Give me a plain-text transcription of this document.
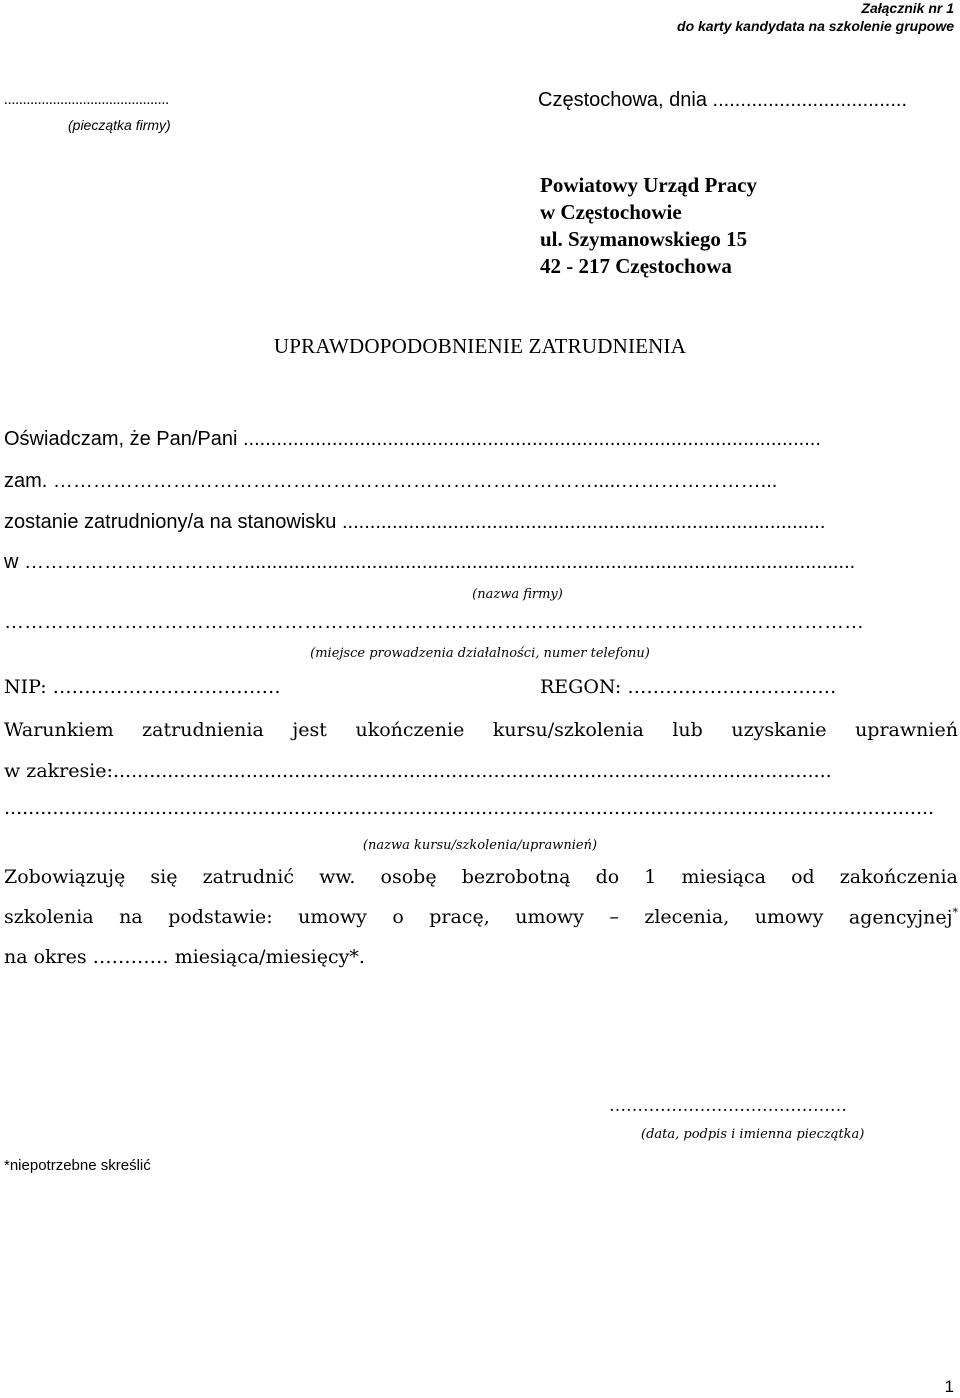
Załącznik nr 1
do karty kandydata na szkolenie grupowe
............................................
(pieczątka firmy)
Częstochowa, dnia ...................................
Powiatowy Urząd Pracy
w Częstochowie
ul. Szymanowskiego 15
42 - 217 Częstochowa
UPRAWDOPODOBNIENIE ZATRUDNIENIA
Oświadczam, że Pan/Pani ........................................................................................................
zam. ……………………………………………………………………….....…………………...
zostanie zatrudniony/a na stanowisku .......................................................................................
w ……………………………..............................................................................................................
(nazwa firmy)
…………………………………………………………………………………………………………………
(miejsce prowadzenia działalności, numer telefonu)
NIP: ………………………………	REGON: ……………………………
Warunkiem zatrudnienia jest ukończenie kursu/szkolenia lub uzyskanie uprawnień
w zakresie:.......................................................................................................................
..........................................................................................................................................................
(nazwa kursu/szkolenia/uprawnień)
Zobowiązuję się zatrudnić ww. osobę bezrobotną do 1 miesiąca od zakończenia
szkolenia na podstawie: umowy o pracę, umowy – zlecenia, umowy agencyjnej*
na okres ………… miesiąca/miesięcy*.
……………………………………
(data, podpis i imienna pieczątka)
*niepotrzebne skreślić
1
